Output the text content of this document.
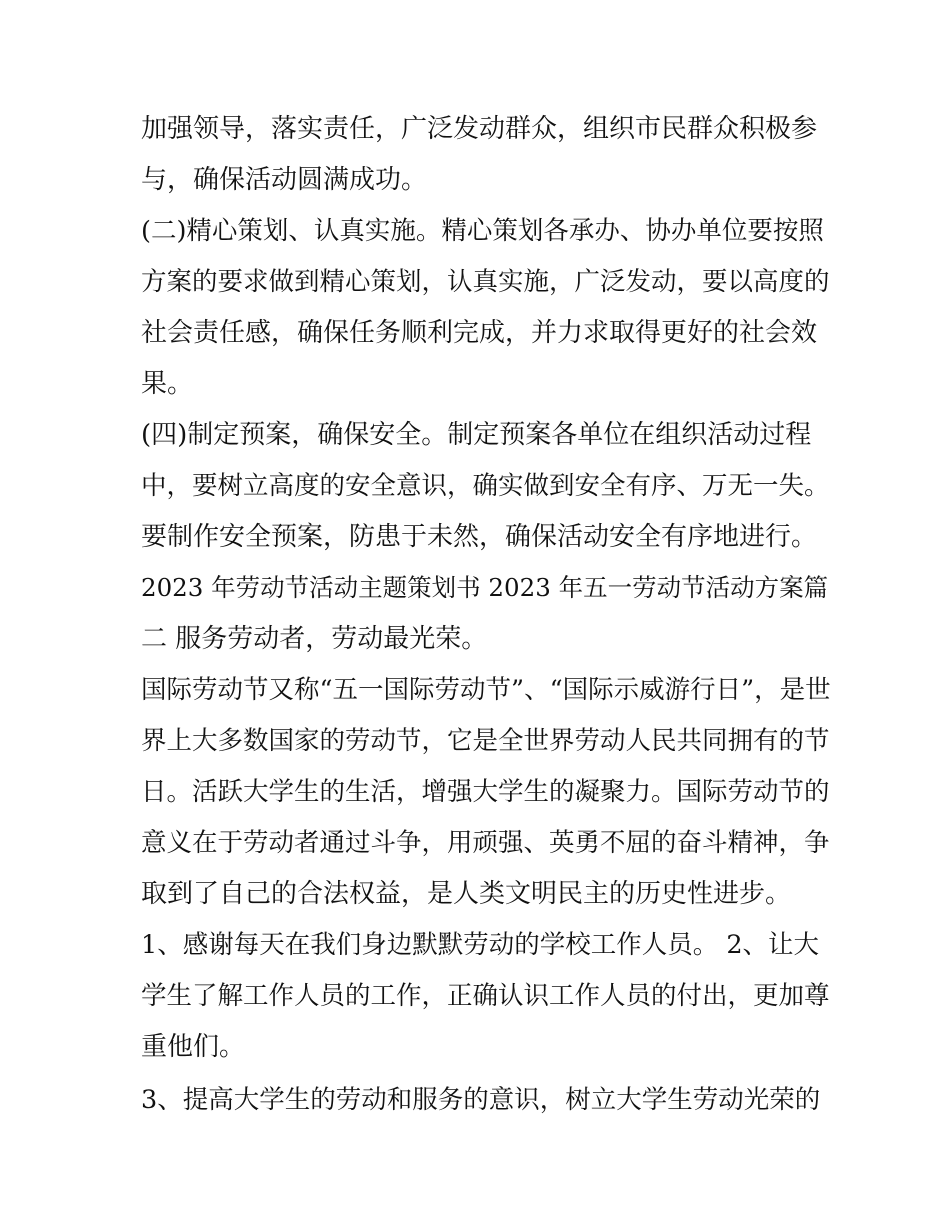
加强领导，落实责任，广泛发动群众，组织市民群众积极参
与，确保活动圆满成功。
(二)精心策划、认真实施。精心策划各承办、协办单位要按照
方案的要求做到精心策划，认真实施，广泛发动，要以高度的
社会责任感，确保任务顺利完成，并力求取得更好的社会效
果。
(四)制定预案，确保安全。制定预案各单位在组织活动过程
中，要树立高度的安全意识，确实做到安全有序、万无一失。
要制作安全预案，防患于未然，确保活动安全有序地进行。
2023 年劳动节活动主题策划书 2023 年五一劳动节活动方案篇
二 服务劳动者，劳动最光荣。
国际劳动节又称“五一国际劳动节”、“国际示威游行日”，是世
界上大多数国家的劳动节，它是全世界劳动人民共同拥有的节
日。活跃大学生的生活，增强大学生的凝聚力。国际劳动节的
意义在于劳动者通过斗争，用顽强、英勇不屈的奋斗精神，争
取到了自己的合法权益，是人类文明民主的历史性进步。
1、感谢每天在我们身边默默劳动的学校工作人员。 2、让大
学生了解工作人员的工作，正确认识工作人员的付出，更加尊
重他们。
3、提高大学生的劳动和服务的意识，树立大学生劳动光荣的
